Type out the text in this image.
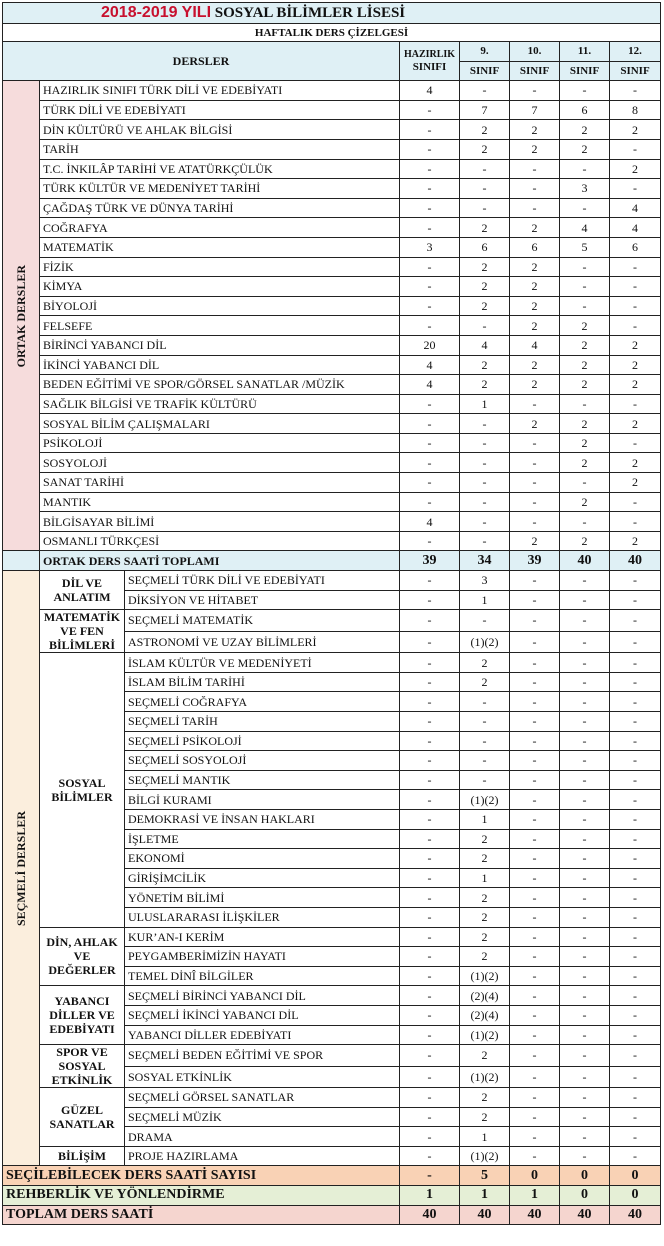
2018-2019 YILI SOSYAL BİLİMLER LİSESİ							
HAFTALIK DERS ÇİZELGESİ							
DERSLER			HAZIRLIK
SINIFI	9.	10.	11.	12.
				SINIF	SINIF	SINIF	SINIF

ORTAK DERSLER	HAZIRLIK SINIFI TÜRK DİLİ VE EDEBİYATI		4	-	-	-	-
	TÜRK DİLİ VE EDEBİYATI		-	7	7	6	8
	DİN KÜLTÜRÜ VE AHLAK BİLGİSİ		-	2	2	2	2
	TARİH		-	2	2	2	-
	T.C. İNKILÂP TARİHİ VE ATATÜRKÇÜLÜK		-	-	-	-	2
	TÜRK KÜLTÜR VE MEDENİYET TARİHİ		-	-	-	3	-
	ÇAĞDAŞ TÜRK VE DÜNYA TARİHİ		-	-	-	-	4
	COĞRAFYA		-	2	2	4	4
	MATEMATİK		3	6	6	5	6
	FİZİK		-	2	2	-	-
	KİMYA		-	2	2	-	-
	BİYOLOJİ		-	2	2	-	-
	FELSEFE		-	-	2	2	-
	BİRİNCİ YABANCI DİL		20	4	4	2	2
	İKİNCİ YABANCI DİL		4	2	2	2	2
	BEDEN EĞİTİMİ VE SPOR/GÖRSEL SANATLAR /MÜZİK		4	2	2	2	2
	SAĞLIK BİLGİSİ VE TRAFİK KÜLTÜRÜ		-	1	-	-	-
	SOSYAL BİLİM ÇALIŞMALARI		-	-	2	2	2
	PSİKOLOJİ		-	-	-	2	-
	SOSYOLOJİ		-	-	-	2	2
	SANAT TARİHİ		-	-	-	-	2
	MANTIK		-	-	-	2	-
	BİLGİSAYAR BİLİMİ		4	-	-	-	-
	OSMANLI TÜRKÇESİ		-	-	2	2	2
	ORTAK DERS SAATİ TOPLAMI		39	34	39	40	40

SEÇMELİ DERSLER	DİL VE ANLATIM	SEÇMELİ TÜRK DİLİ VE EDEBİYATI	-	3	-	-	-
		DİKSİYON VE HİTABET	-	1	-	-	-
	MATEMATİK VE FEN BİLİMLERİ	SEÇMELİ MATEMATİK	-	-	-	-	-
		ASTRONOMİ VE UZAY BİLİMLERİ	-	(1)(2)	-	-	-
	SOSYAL BİLİMLER	İSLAM KÜLTÜR VE MEDENİYETİ	-	2	-	-	-
		İSLAM BİLİM TARİHİ	-	2	-	-	-
		SEÇMELİ COĞRAFYA	-	-	-	-	-
		SEÇMELİ TARİH	-	-	-	-	-
		SEÇMELİ PSİKOLOJİ	-	-	-	-	-
		SEÇMELİ SOSYOLOJİ	-	-	-	-	-
		SEÇMELİ MANTIK	-	-	-	-	-
		BİLGİ KURAMI	-	(1)(2)	-	-	-
		DEMOKRASİ VE İNSAN HAKLARI	-	1	-	-	-
		İŞLETME	-	2	-	-	-
		EKONOMİ	-	2	-	-	-
		GİRİŞİMCİLİK	-	1	-	-	-
		YÖNETİM BİLİMİ	-	2	-	-	-
		ULUSLARARASI İLİŞKİLER	-	2	-	-	-
	DİN, AHLAK VE DEĞERLER	KUR’AN-I KERİM	-	2	-	-	-
		PEYGAMBERİMİZİN HAYATI	-	2	-	-	-
		TEMEL DİNÎ BİLGİLER	-	(1)(2)	-	-	-
	YABANCI DİLLER VE EDEBİYATI	SEÇMELİ BİRİNCİ YABANCI DİL	-	(2)(4)	-	-	-
		SEÇMELİ İKİNCİ YABANCI DİL	-	(2)(4)	-	-	-
		YABANCI DİLLER EDEBİYATI	-	(1)(2)	-	-	-
	SPOR VE SOSYAL ETKİNLİK	SEÇMELİ BEDEN EĞİTİMİ VE SPOR	-	2	-	-	-
		SOSYAL ETKİNLİK	-	(1)(2)	-	-	-
	GÜZEL SANATLAR	SEÇMELİ GÖRSEL SANATLAR	-	2	-	-	-
		SEÇMELİ MÜZİK	-	2	-	-	-
		DRAMA	-	1	-	-	-
	BİLİŞİM	PROJE HAZIRLAMA	-	(1)(2)	-	-	-
SEÇİLEBİLECEK DERS SAATİ SAYISI			-	5	0	0	0
REHBERLİK VE YÖNLENDİRME			1	1	1	0	0
TOPLAM DERS SAATİ			40	40	40	40	40
